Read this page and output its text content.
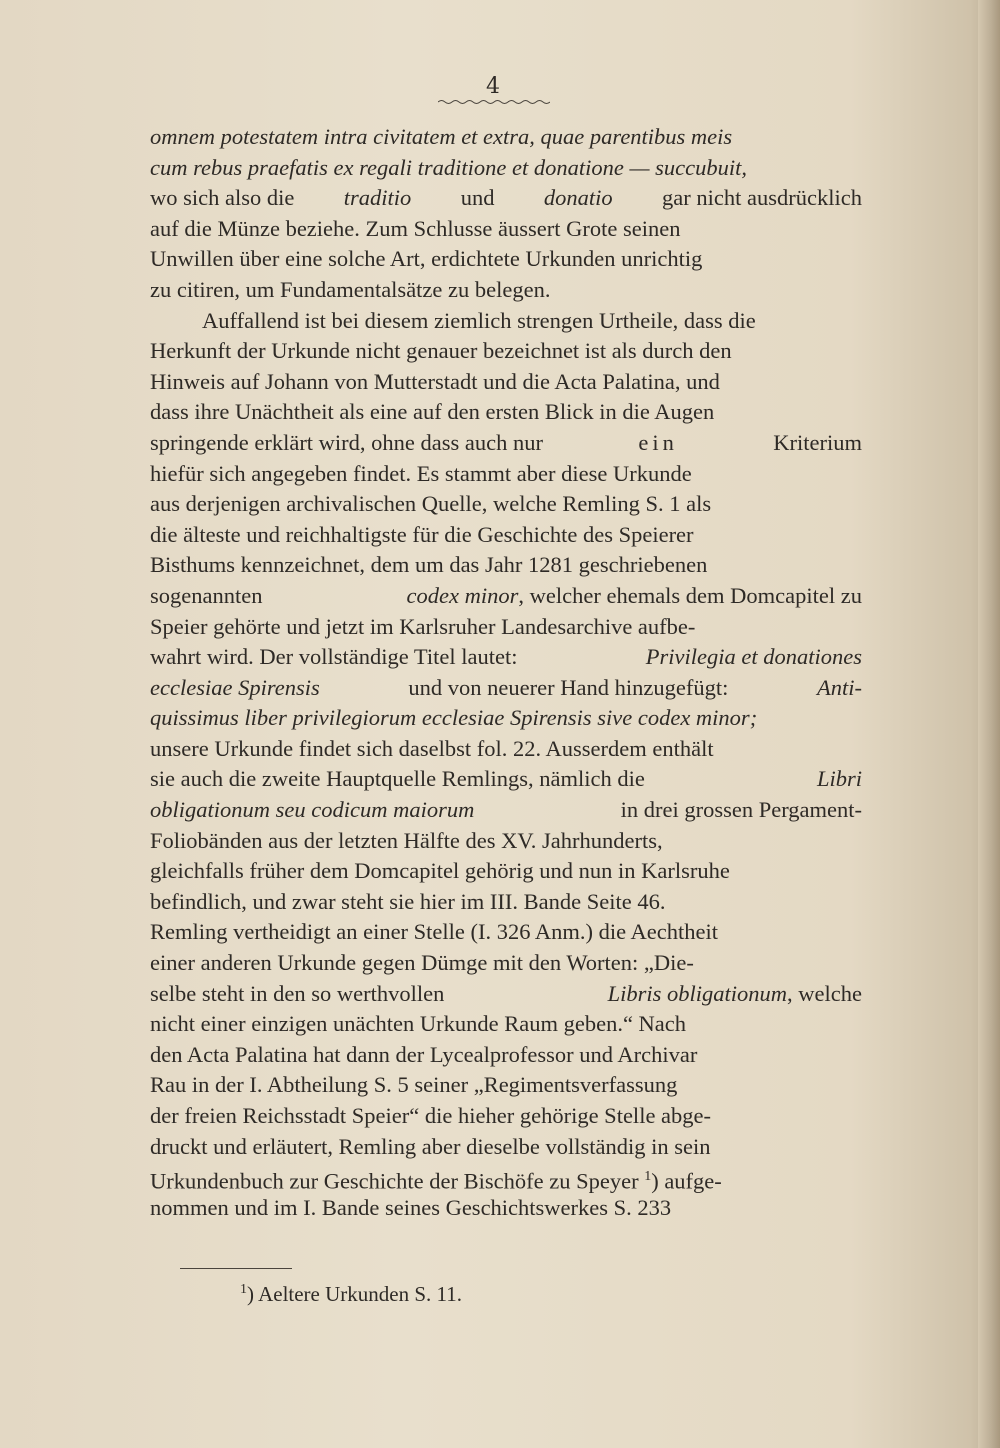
4
omnem potestatem intra civitatem et extra, quae parentibus meis
cum rebus praefatis ex regali traditione et donatione — succubuit,
wo sich also die traditio und donatio gar nicht ausdrücklich
auf die Münze beziehe. Zum Schlusse äussert Grote seinen
Unwillen über eine solche Art, erdichtete Urkunden unrichtig
zu citiren, um Fundamentalsätze zu belegen.
Auffallend ist bei diesem ziemlich strengen Urtheile, dass die
Herkunft der Urkunde nicht genauer bezeichnet ist als durch den
Hinweis auf Johann von Mutterstadt und die Acta Palatina, und
dass ihre Unächtheit als eine auf den ersten Blick in die Augen
springende erklärt wird, ohne dass auch nur	ein	Kriterium
hiefür sich angegeben findet. Es stammt aber diese Urkunde
aus derjenigen archivalischen Quelle, welche Remling S. 1 als
die älteste und reichhaltigste für die Geschichte des Speierer
Bisthums kennzeichnet, dem um das Jahr 1281 geschriebenen
sogenannten	codex minor, welcher ehemals dem Domcapitel zu
Speier gehörte und jetzt im Karlsruher Landesarchive aufbe-
wahrt wird. Der vollständige Titel lautet:	Privilegia et donationes
ecclesiae Spirensis	und von neuerer Hand hinzugefügt:	Anti-
quissimus liber privilegiorum ecclesiae Spirensis sive codex minor;
unsere Urkunde findet sich daselbst fol. 22. Ausserdem enthält
sie auch die zweite Hauptquelle Remlings, nämlich die	Libri
obligationum seu codicum maiorum	in drei grossen Pergament-
Foliobänden aus der letzten Hälfte des XV. Jahrhunderts,
gleichfalls früher dem Domcapitel gehörig und nun in Karlsruhe
befindlich, und zwar steht sie hier im III. Bande Seite 46.
Remling vertheidigt an einer Stelle (I. 326 Anm.) die Aechtheit
einer anderen Urkunde gegen Dümge mit den Worten: „Die-
selbe steht in den so werthvollen	Libris obligationum, welche
nicht einer einzigen unächten Urkunde Raum geben.“ Nach
den Acta Palatina hat dann der Lycealprofessor und Archivar
Rau in der I. Abtheilung S. 5 seiner „Regimentsverfassung
der freien Reichsstadt Speier“ die hieher gehörige Stelle abge-
druckt und erläutert, Remling aber dieselbe vollständig in sein
Urkundenbuch zur Geschichte der Bischöfe zu Speyer $^1$) aufge-
nommen und im I. Bande seines Geschichtswerkes S. 233
$^1$) Aeltere Urkunden S. 11.
